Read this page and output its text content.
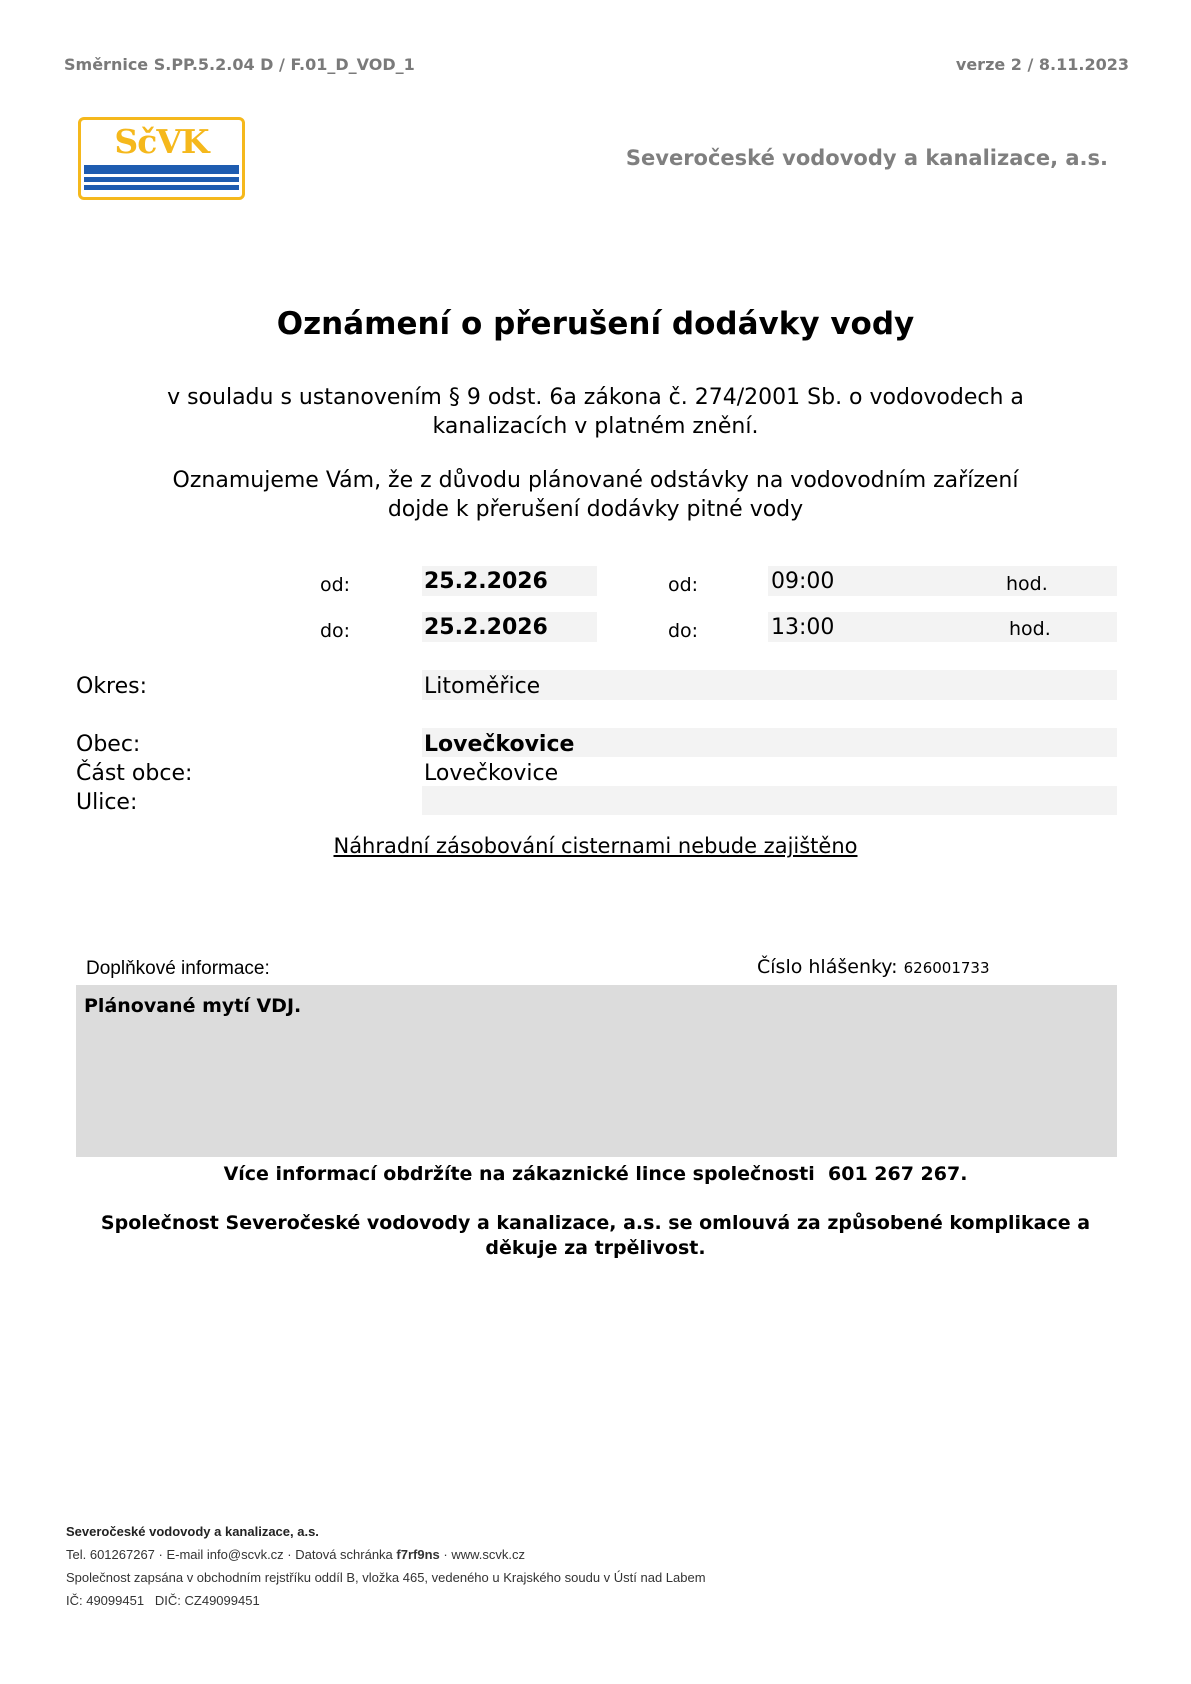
Směrnice S.PP.5.2.04 D / F.01_D_VOD_1	verze 2 / 8.11.2023
SčVK	Severočeské vodovody a kanalizace, a.s.
Oznámení o přerušení dodávky vody
v souladu s ustanovením § 9 odst. 6a zákona č. 274/2001 Sb. o vodovodech a
kanalizacích v platném znění.
Oznamujeme Vám, že z důvodu plánované odstávky na vodovodním zařízení
dojde k přerušení dodávky pitné vody
od:	25.2.2026	od:	09:00	hod.
do:	25.2.2026	do:	13:00	hod.
Okres:	Litoměřice
Obec:	Lovečkovice
Část obce:	Lovečkovice
Ulice:
Náhradní zásobování cisternami nebude zajištěno
Doplňkové informace:	Číslo hlášenky: 626001733
Plánované mytí VDJ.
Více informací obdržíte na zákaznické lince společnosti  601 267 267.
Společnost Severočeské vodovody a kanalizace, a.s. se omlouvá za způsobené komplikace a
děkuje za trpělivost.
Severočeské vodovody a kanalizace, a.s.
Tel. 601267267 · E-mail info@scvk.cz · Datová schránka f7rf9ns · www.scvk.cz
Společnost zapsána v obchodním rejstříku oddíl B, vložka 465, vedeného u Krajského soudu v Ústí nad Labem
IČ: 49099451   DIČ: CZ49099451
